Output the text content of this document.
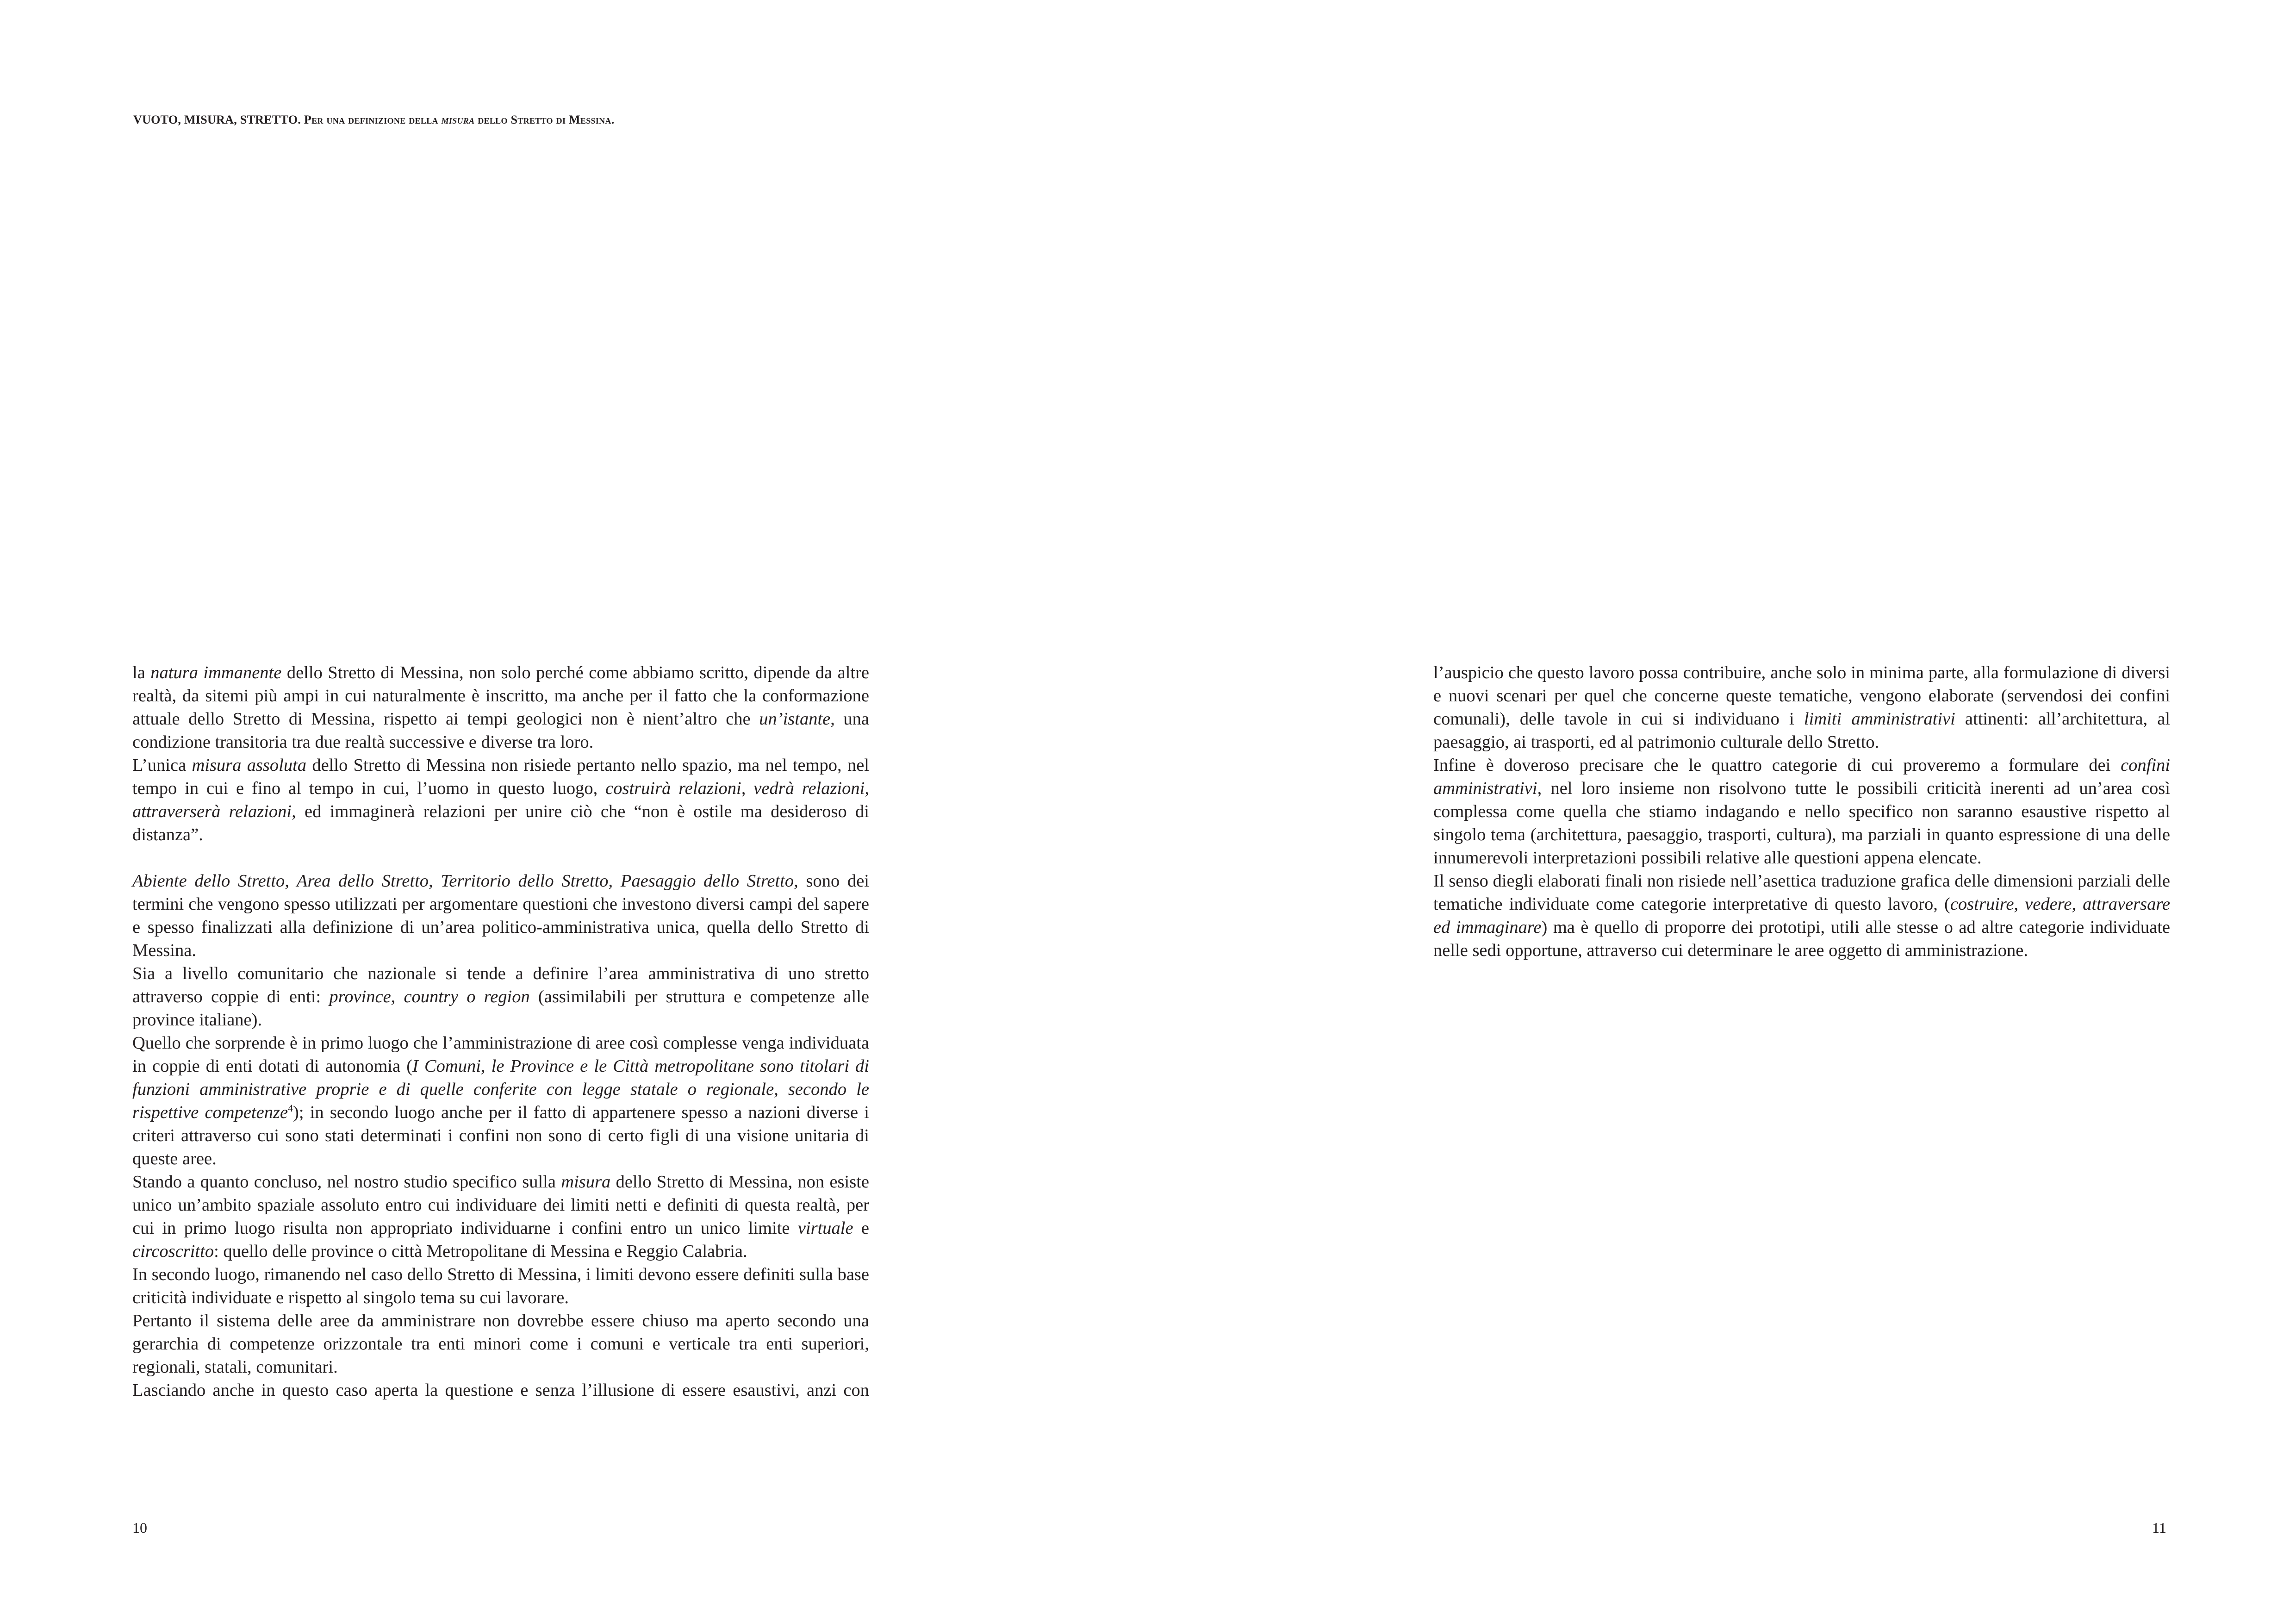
VUOTO, MISURA, STRETTO. Per una definizione della misura dello Stretto di Messina.

la natura immanente dello Stretto di Messina, non solo perché come abbiamo scritto, dipende da altre realtà, da sitemi più ampi in cui naturalmente è inscritto, ma anche per il fatto che la conformazione attuale dello Stretto di Messina, rispetto ai tempi geologici non è nient’altro che un’istante, una condizione transitoria tra due realtà successive e diverse tra loro.

L’unica misura assoluta dello Stretto di Messina non risiede pertanto nello spazio, ma nel tempo, nel tempo in cui e fino al tempo in cui, l’uomo in questo luogo, costruirà relazioni, vedrà relazioni, attraverserà relazioni, ed immaginerà relazioni per unire ciò che “non è ostile ma desideroso di distanza”.

Abiente dello Stretto, Area dello Stretto, Territorio dello Stretto, Paesaggio dello Stretto, sono dei termini che vengono spesso utilizzati per argomentare questioni che investono diversi campi del sapere e spesso finalizzati alla definizione di un’area politico-amministrativa unica, quella dello Stretto di Messina.

Sia a livello comunitario che nazionale si tende a definire l’area amministrativa di uno stretto attraverso coppie di enti: province, country o region (assimilabili per struttura e competenze alle province italiane).

Quello che sorprende è in primo luogo che l’amministrazione di aree così complesse venga individuata in coppie di enti dotati di autonomia (I Comuni, le Province e le Città metropolitane sono titolari di funzioni amministrative proprie e di quelle conferite con legge statale o regionale, secondo le rispettive competenze$^4$); in secondo luogo anche per il fatto di appartenere spesso a nazioni diverse i criteri attraverso cui sono stati determinati i confini non sono di certo figli di una visione unitaria di queste aree.

Stando a quanto concluso, nel nostro studio specifico sulla misura dello Stretto di Messina, non esiste unico un’ambito spaziale assoluto entro cui individuare dei limiti netti e definiti di questa realtà, per cui in primo luogo risulta non appropriato individuarne i confini entro un unico limite virtuale e circoscritto: quello delle province o città Metropolitane di Messina e Reggio Calabria.

In secondo luogo, rimanendo nel caso dello Stretto di Messina, i limiti devono essere definiti sulla base criticità individuate e rispetto al singolo tema su cui lavorare.

Pertanto il sistema delle aree da amministrare non dovrebbe essere chiuso ma aperto secondo una gerarchia di competenze orizzontale tra enti minori come i comuni e verticale tra enti superiori, regionali, statali, comunitari.

Lasciando anche in questo caso aperta la questione e senza l’illusione di essere esaustivi, anzi con

l’auspicio che questo lavoro possa contribuire, anche solo in minima parte, alla formulazione di diversi e nuovi scenari per quel che concerne queste tematiche, vengono elaborate (servendosi dei confini comunali), delle tavole in cui si individuano i limiti amministrativi attinenti: all’architettura, al paesaggio, ai trasporti, ed al patrimonio culturale dello Stretto.

Infine è doveroso precisare che le quattro categorie di cui proveremo a formulare dei confini amministrativi, nel loro insieme non risolvono tutte le possibili criticità inerenti ad un’area così complessa come quella che stiamo indagando e nello specifico non saranno esaustive rispetto al singolo tema (architettura, paesaggio, trasporti, cultura), ma parziali in quanto espressione di una delle innumerevoli interpretazioni possibili relative alle questioni appena elencate.

Il senso diegli elaborati finali non risiede nell’asettica traduzione grafica delle dimensioni parziali delle tematiche individuate come categorie interpretative di questo lavoro, (costruire, vedere, attraversare ed immaginare) ma è quello di proporre dei prototipi, utili alle stesse o ad altre categorie individuate nelle sedi opportune, attraverso cui determinare le aree oggetto di amministrazione.

10	11
